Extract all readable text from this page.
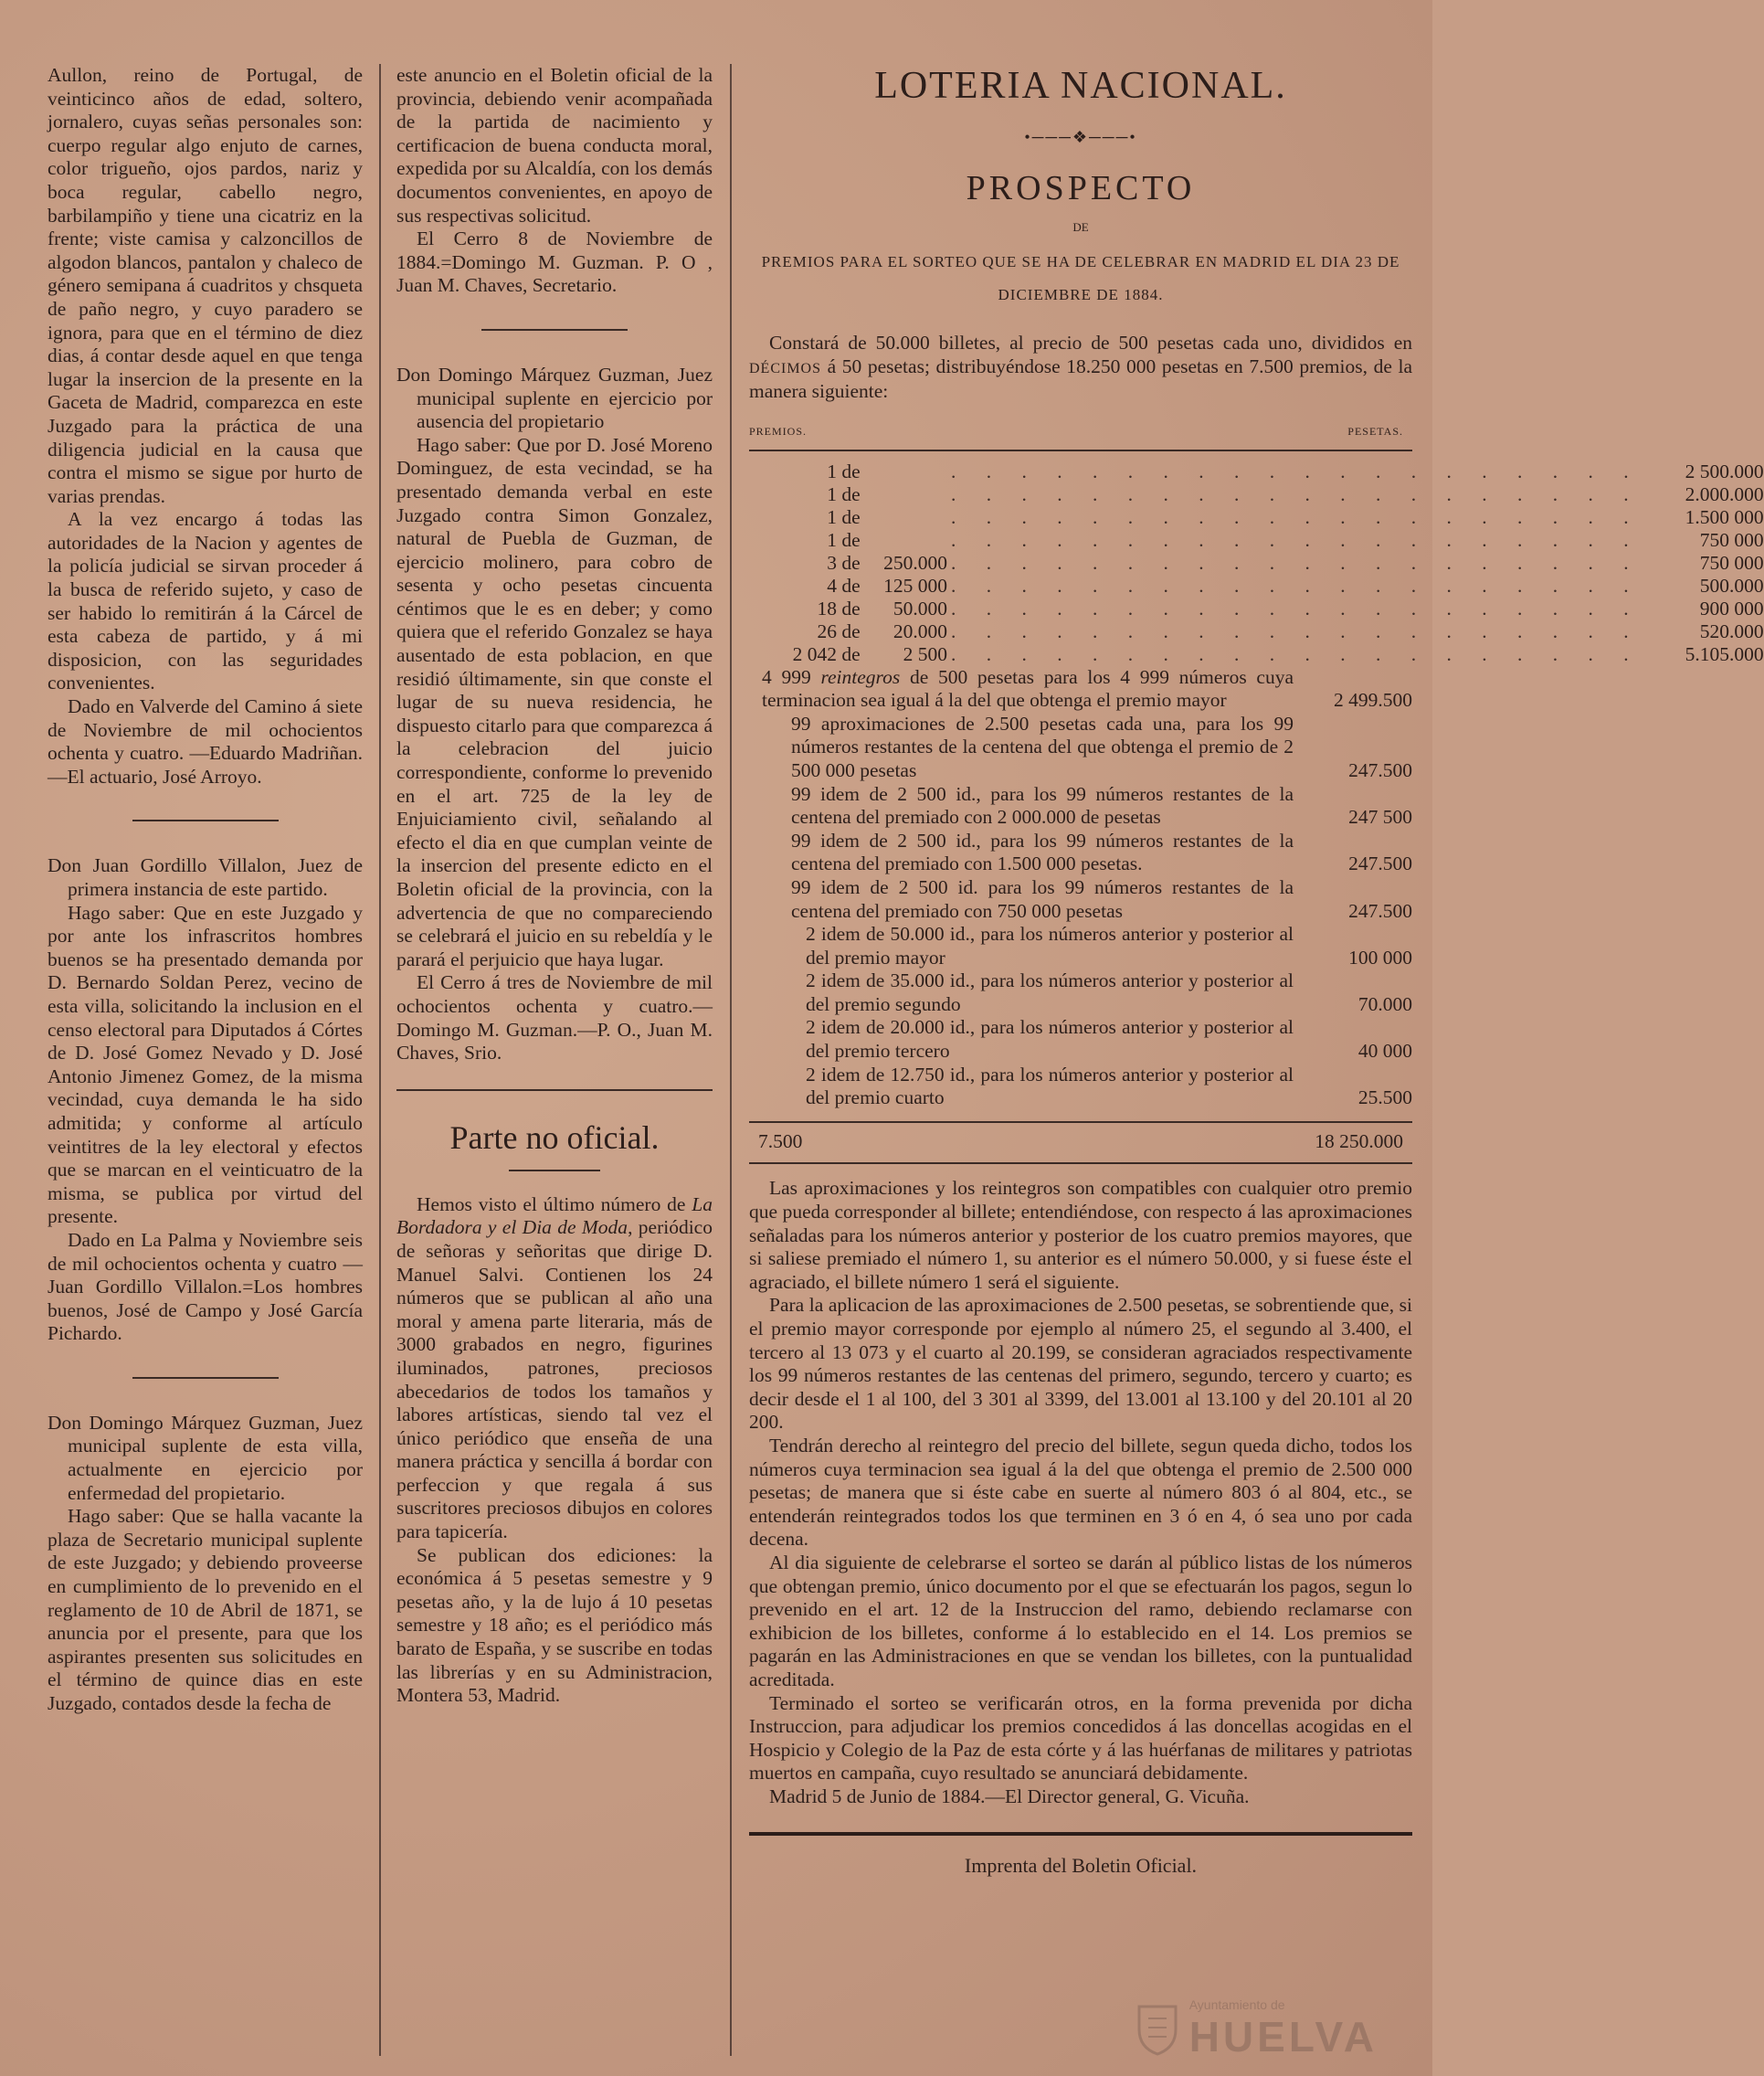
Aullon, reino de Portugal, de veinticinco años de edad, soltero, jornalero, cuyas señas personales son: cuerpo regular algo enjuto de carnes, color trigueño, ojos pardos, nariz y boca regular, cabello negro, barbilampiño y tiene una cicatriz en la frente; viste camisa y calzoncillos de algodon blancos, pantalon y chaleco de género semipana á cuadritos y chsqueta de paño negro, y cuyo paradero se ignora, para que en el término de diez dias, á contar desde aquel en que tenga lugar la insercion de la presente en la Gaceta de Madrid, comparezca en este Juzgado para la práctica de una diligencia judicial en la causa que contra el mismo se sigue por hurto de varias prendas.

A la vez encargo á todas las autoridades de la Nacion y agentes de la policía judicial se sirvan proceder á la busca de referido sujeto, y caso de ser habido lo remitirán á la Cárcel de esta cabeza de partido, y á mi disposicion, con las seguridades convenientes.

Dado en Valverde del Camino á siete de Noviembre de mil ochocientos ochenta y cuatro. —Eduardo Madriñan.—El actuario, José Arroyo.

Don Juan Gordillo Villalon, Juez de primera instancia de este partido.

Hago saber: Que en este Juzgado y por ante los infrascritos hombres buenos se ha presentado demanda por D. Bernardo Soldan Perez, vecino de esta villa, solicitando la inclusion en el censo electoral para Diputados á Córtes de D. José Gomez Nevado y D. José Antonio Jimenez Gomez, de la misma vecindad, cuya demanda le ha sido admitida; y conforme al artículo veintitres de la ley electoral y efectos que se marcan en el veinticuatro de la misma, se publica por virtud del presente.

Dado en La Palma y Noviembre seis de mil ochocientos ochenta y cuatro —Juan Gordillo Villalon.=Los hombres buenos, José de Campo y José García Pichardo.

Don Domingo Márquez Guzman, Juez municipal suplente de esta villa, actualmente en ejercicio por enfermedad del propietario.

Hago saber: Que se halla vacante la plaza de Secretario municipal suplente de este Juzgado; y debiendo proveerse en cumplimiento de lo prevenido en el reglamento de 10 de Abril de 1871, se anuncia por el presente, para que los aspirantes presenten sus solicitudes en el término de quince dias en este Juzgado, contados desde la fecha de

este anuncio en el Boletin oficial de la provincia, debiendo venir acompañada de la partida de nacimiento y certificacion de buena conducta moral, expedida por su Alcaldía, con los demás documentos convenientes, en apoyo de sus respectivas solicitud.

El Cerro 8 de Noviembre de 1884.=Domingo M. Guzman. P. O , Juan M. Chaves, Secretario.

Don Domingo Márquez Guzman, Juez municipal suplente en ejercicio por ausencia del propietario

Hago saber: Que por D. José Moreno Dominguez, de esta vecindad, se ha presentado demanda verbal en este Juzgado contra Simon Gonzalez, natural de Puebla de Guzman, de ejercicio molinero, para cobro de sesenta y ocho pesetas cincuenta céntimos que le es en deber; y como quiera que el referido Gonzalez se haya ausentado de esta poblacion, en que residió últimamente, sin que conste el lugar de su nueva residencia, he dispuesto citarlo para que comparezca á la celebracion del juicio correspondiente, conforme lo prevenido en el art. 725 de la ley de Enjuiciamiento civil, señalando al efecto el dia en que cumplan veinte de la insercion del presente edicto en el Boletin oficial de la provincia, con la advertencia de que no compareciendo se celebrará el juicio en su rebeldía y le parará el perjuicio que haya lugar.

El Cerro á tres de Noviembre de mil ochocientos ochenta y cuatro.—Domingo M. Guzman.—P. O., Juan M. Chaves, Srio.

Parte no oficial.

Hemos visto el último número de La Bordadora y el Dia de Moda, periódico de señoras y señoritas que dirige D. Manuel Salvi. Contienen los 24 números que se publican al año una moral y amena parte literaria, más de 3000 grabados en negro, figurines iluminados, patrones, preciosos abecedarios de todos los tamaños y labores artísticas, siendo tal vez el único periódico que enseña de una manera práctica y sencilla á bordar con perfeccion y que regala á sus suscritores preciosos dibujos en colores para tapicería.

Se publican dos ediciones: la económica á 5 pesetas semestre y 9 pesetas año, y la de lujo á 10 pesetas semestre y 18 año; es el periódico más barato de España, y se suscribe en todas las librerías y en su Administracion, Montera 53, Madrid.

LOTERIA NACIONAL.
•───❖───•
PROSPECTO
DE
PREMIOS PARA EL SORTEO QUE SE HA DE CELEBRAR EN MADRID EL DIA 23 DE DICIEMBRE DE 1884.

Constará de 50.000 billetes, al precio de 500 pesetas cada uno, divididos en DÉCIMOS á 50 pesetas; distribuyéndose 18.250 000 pesetas en 7.500 premios, de la manera siguiente:

PREMIOS.	PESETAS.
1 de	. . . . . . . . . . . . . . . . . . . .	2 500.000
1 de	. . . . . . . . . . . . . . . . . . . .	2.000.000
1 de	. . . . . . . . . . . . . . . . . . . .	1.500 000
1 de	. . . . . . . . . . . . . . . . . . . .	750 000
3 de 250.000 . . . . . . . . . . . . . . . . . . . .	750 000
4 de 125 000 . . . . . . . . . . . . . . . . . . . .	500.000
18 de 50.000 . . . . . . . . . . . . . . . . . . . .	900 000
26 de 20.000 . . . . . . . . . . . . . . . . . . . .	520.000
2 042 de 2 500 . . . . . . . . . . . . . . . . . . . .	5.105.000
4 999 reintegros de 500 pesetas para los 4 999 números cuya terminacion sea igual á la del que obtenga el premio mayor	2 499.500
99 aproximaciones de 2.500 pesetas cada una, para los 99 números restantes de la centena del que obtenga el premio de 2 500 000 pesetas	247.500
99 idem de 2 500 id., para los 99 números restantes de la centena del premiado con 2 000.000 de pesetas	247 500
99 idem de 2 500 id., para los 99 números restantes de la centena del premiado con 1.500 000 pesetas.	247.500
99 idem de 2 500 id. para los 99 números restantes de la centena del premiado con 750 000 pesetas	247.500
2 idem de 50.000 id., para los números anterior y posterior al del premio mayor	100 000
2 idem de 35.000 id., para los números anterior y posterior al del premio segundo	70.000
2 idem de 20.000 id., para los números anterior y posterior al del premio tercero	40 000
2 idem de 12.750 id., para los números anterior y posterior al del premio cuarto	25.500
7.500	18 250.000

Las aproximaciones y los reintegros son compatibles con cualquier otro premio que pueda corresponder al billete; entendiéndose, con respecto á las aproximaciones señaladas para los números anterior y posterior de los cuatro premios mayores, que si saliese premiado el número 1, su anterior es el número 50.000, y si fuese éste el agraciado, el billete número 1 será el siguiente.

Para la aplicacion de las aproximaciones de 2.500 pesetas, se sobrentiende que, si el premio mayor corresponde por ejemplo al número 25, el segundo al 3.400, el tercero al 13 073 y el cuarto al 20.199, se consideran agraciados respectivamente los 99 números restantes de las centenas del primero, segundo, tercero y cuarto; es decir desde el 1 al 100, del 3 301 al 3399, del 13.001 al 13.100 y del 20.101 al 20 200.

Tendrán derecho al reintegro del precio del billete, segun queda dicho, todos los números cuya terminacion sea igual á la del que obtenga el premio de 2.500 000 pesetas; de manera que si éste cabe en suerte al número 803 ó al 804, etc., se entenderán reintegrados todos los que terminen en 3 ó en 4, ó sea uno por cada decena.

Al dia siguiente de celebrarse el sorteo se darán al público listas de los números que obtengan premio, único documento por el que se efectuarán los pagos, segun lo prevenido en el art. 12 de la Instruccion del ramo, debiendo reclamarse con exhibicion de los billetes, conforme á lo establecido en el 14. Los premios se pagarán en las Administraciones en que se vendan los billetes, con la puntualidad acreditada.

Terminado el sorteo se verificarán otros, en la forma prevenida por dicha Instruccion, para adjudicar los premios concedidos á las doncellas acogidas en el Hospicio y Colegio de la Paz de esta córte y á las huérfanas de militares y patriotas muertos en campaña, cuyo resultado se anunciará debidamente.

Madrid 5 de Junio de 1884.—El Director general, G. Vicuña.

Imprenta del Boletin Oficial.
Ayuntamiento de
HUELVA
